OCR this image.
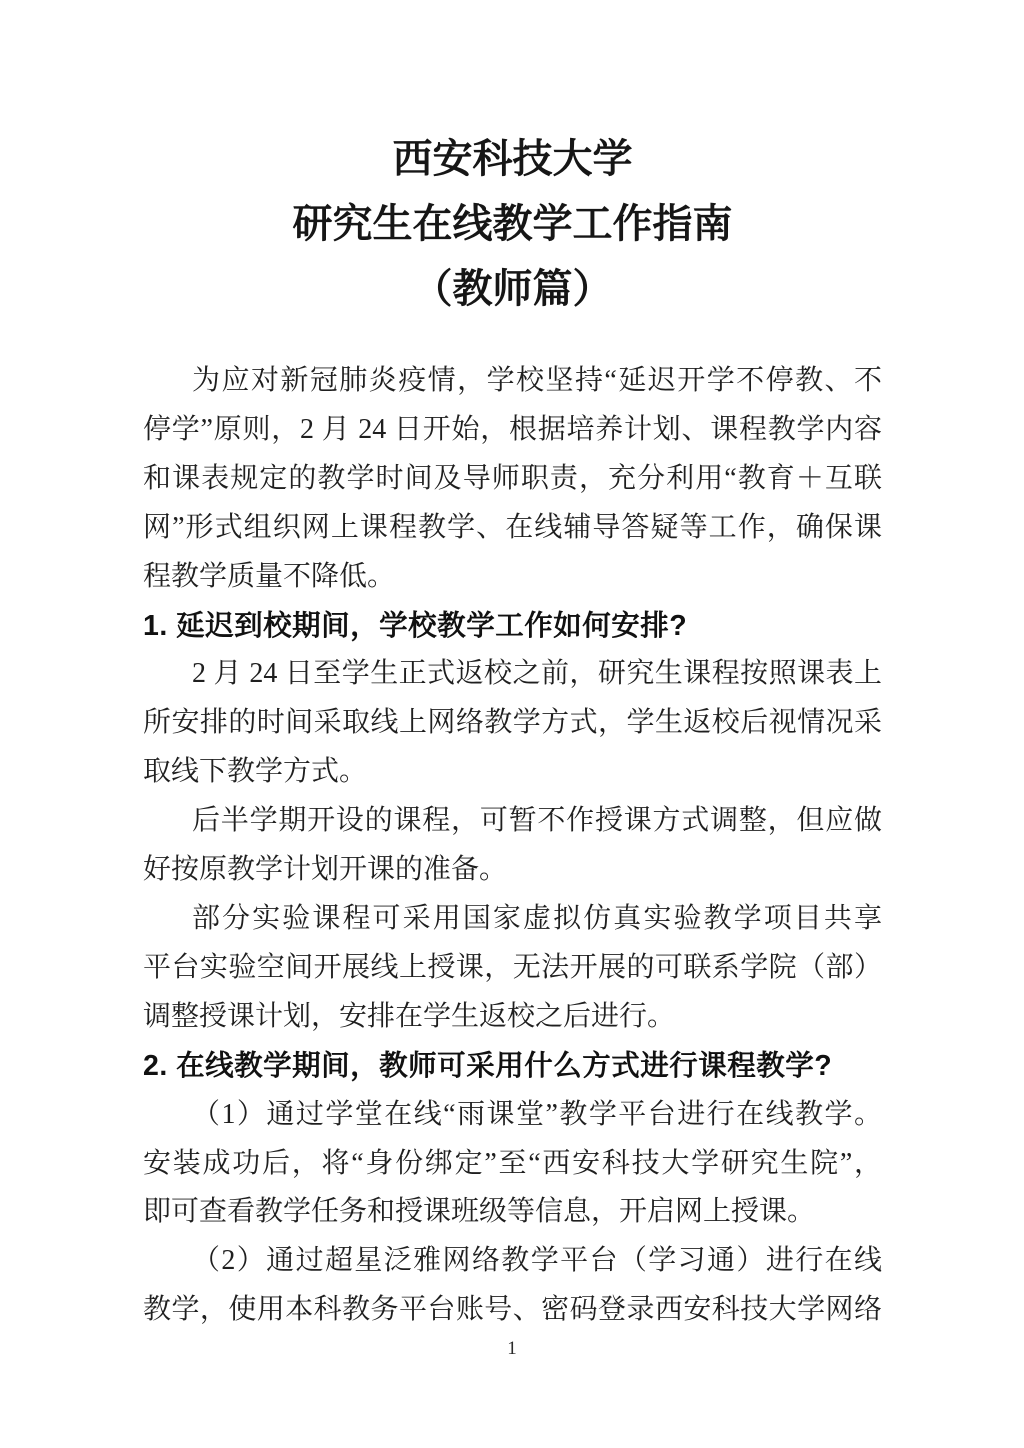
西安科技大学
研究生在线教学工作指南
（教师篇）
为应对新冠肺炎疫情，学校坚持“延迟开学不停教、不
停学”原则，2 月 24 日开始，根据培养计划、课程教学内容
和课表规定的教学时间及导师职责，充分利用“教育＋互联
网”形式组织网上课程教学、在线辅导答疑等工作，确保课
程教学质量不降低。
1. 延迟到校期间，学校教学工作如何安排?
2 月 24 日至学生正式返校之前，研究生课程按照课表上
所安排的时间采取线上网络教学方式，学生返校后视情况采
取线下教学方式。
后半学期开设的课程，可暂不作授课方式调整，但应做
好按原教学计划开课的准备。
部分实验课程可采用国家虚拟仿真实验教学项目共享
平台实验空间开展线上授课，无法开展的可联系学院（部）
调整授课计划，安排在学生返校之后进行。
2. 在线教学期间，教师可采用什么方式进行课程教学?
（1）通过学堂在线“雨课堂”教学平台进行在线教学。
安装成功后，将“身份绑定”至“西安科技大学研究生院”，
即可查看教学任务和授课班级等信息，开启网上授课。
（2）通过超星泛雅网络教学平台（学习通）进行在线
教学，使用本科教务平台账号、密码登录西安科技大学网络
1
